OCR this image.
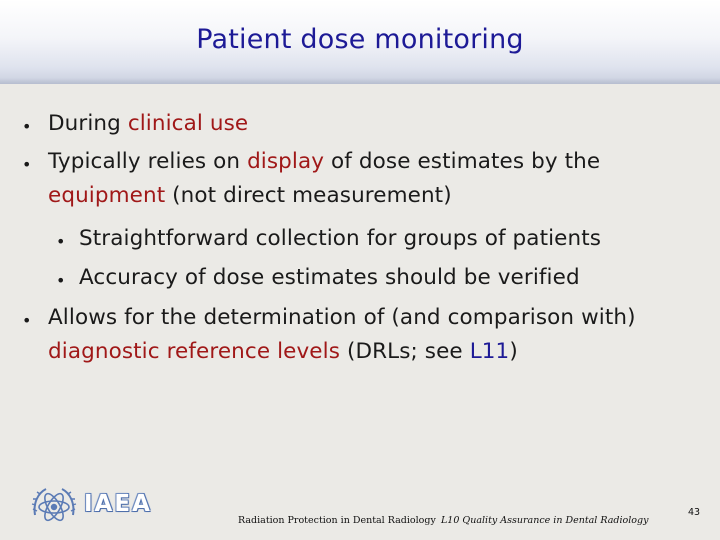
Patient dose monitoring
• During clinical use
• Typically relies on display of dose estimates by the
equipment (not direct measurement)
• Straightforward collection for groups of patients
• Accuracy of dose estimates should be verified
• Allows for the determination of (and comparison with)
diagnostic reference levels (DRLs; see L11)
IAEA
Radiation Protection in Dental Radiology L10 Quality Assurance in Dental Radiology
43
